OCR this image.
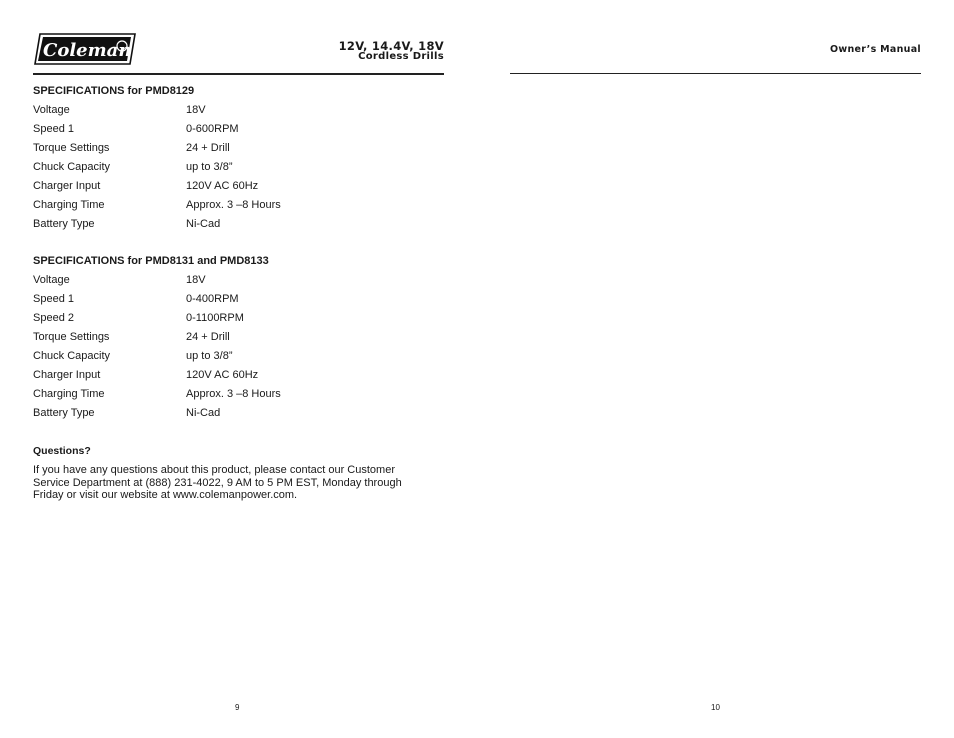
Coleman	12V, 14.4V, 18V
Cordless Drills
Owner’s Manual
SPECIFICATIONS for PMD8129
Voltage	18V
Speed 1	0-600RPM
Torque Settings	24 + Drill
Chuck Capacity	up to 3/8”
Charger Input	120V AC 60Hz
Charging Time	Approx. 3 –8 Hours
Battery Type	Ni-Cad
SPECIFICATIONS for PMD8131 and PMD8133
Voltage	18V
Speed 1	0-400RPM
Speed 2	0-1100RPM
Torque Settings	24 + Drill
Chuck Capacity	up to 3/8”
Charger Input	120V AC 60Hz
Charging Time	Approx. 3 –8 Hours
Battery Type	Ni-Cad
Questions?
If you have any questions about this product, please contact our Customer
Service Department at (888) 231-4022, 9 AM to 5 PM EST, Monday through
Friday or visit our website at www.colemanpower.com.
9	10
